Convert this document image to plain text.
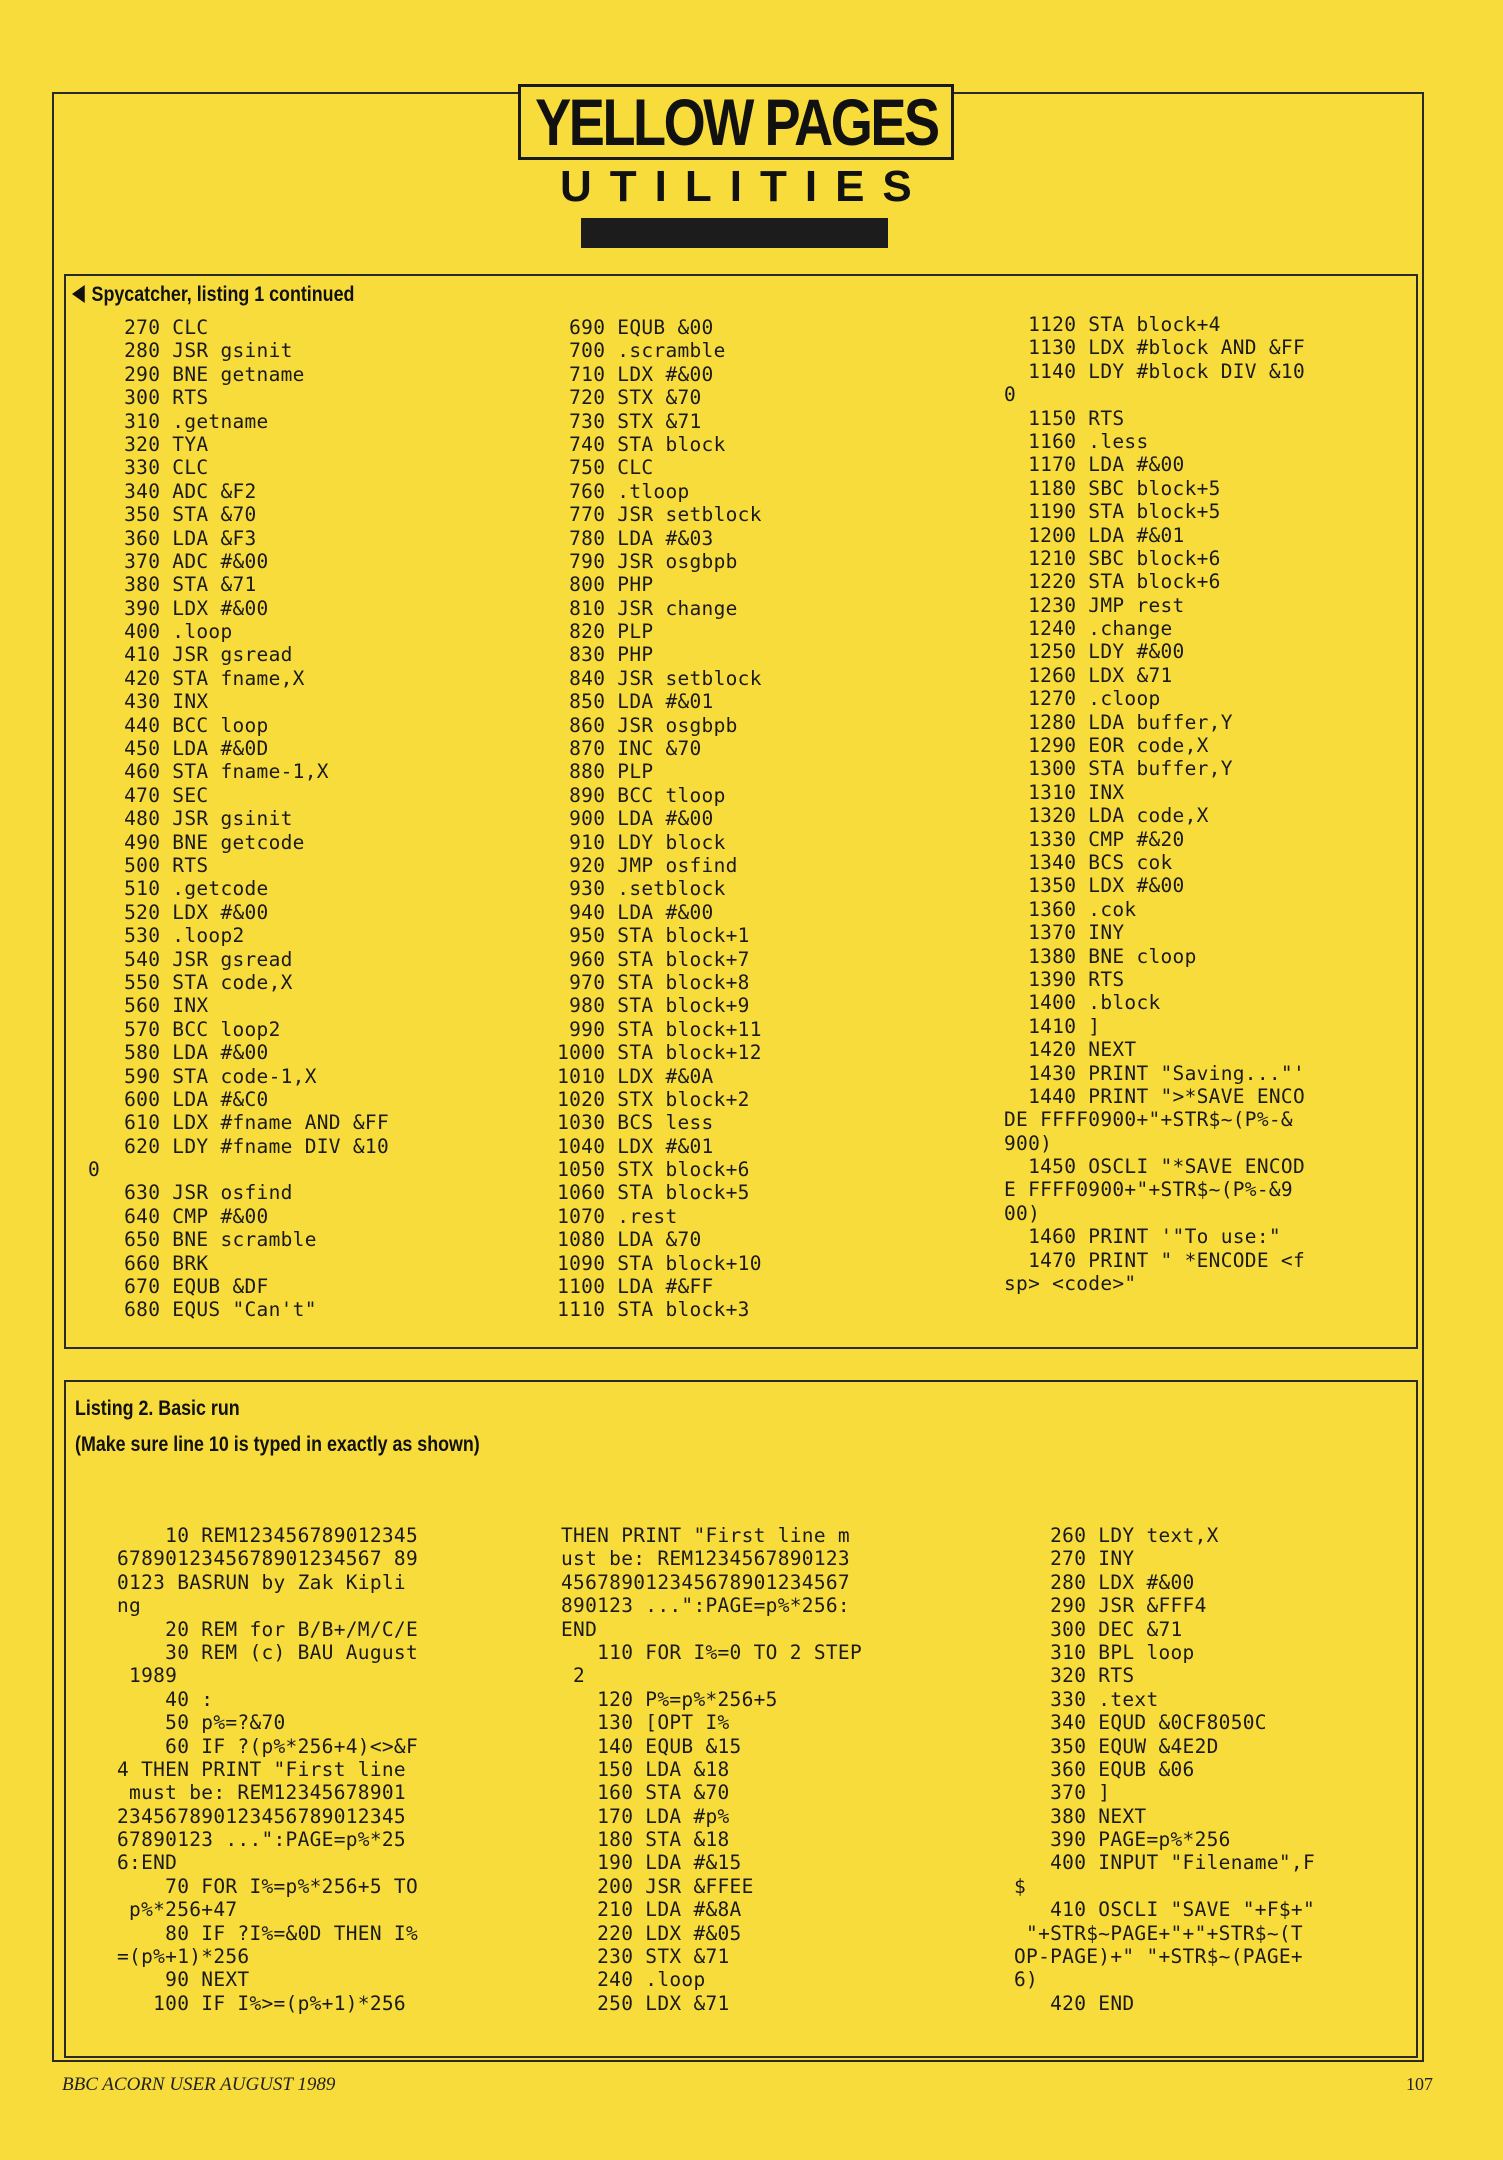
YELLOW PAGES
UTILITIES
Spycatcher, listing 1 continued
270 CLC
280 JSR gsinit
290 BNE getname
300 RTS
310 .getname
320 TYA
330 CLC
340 ADC &F2
350 STA &70
360 LDA &F3
370 ADC #&00
380 STA &71
390 LDX #&00
400 .loop
410 JSR gsread
420 STA fname,X
430 INX
440 BCC loop
450 LDA #&0D
460 STA fname-1,X
470 SEC
480 JSR gsinit
490 BNE getcode
500 RTS
510 .getcode
520 LDX #&00
530 .loop2
540 JSR gsread
550 STA code,X
560 INX
570 BCC loop2
580 LDA #&00
590 STA code-1,X
600 LDA #&C0
610 LDX #fname AND &FF
620 LDY #fname DIV &10
0
630 JSR osfind
640 CMP #&00
650 BNE scramble
660 BRK
670 EQUB &DF
680 EQUS "Can't"
690 EQUB &00
700 .scramble
710 LDX #&00
720 STX &70
730 STX &71
740 STA block
750 CLC
760 .tloop
770 JSR setblock
780 LDA #&03
790 JSR osgbpb
800 PHP
810 JSR change
820 PLP
830 PHP
840 JSR setblock
850 LDA #&01
860 JSR osgbpb
870 INC &70
880 PLP
890 BCC tloop
900 LDA #&00
910 LDY block
920 JMP osfind
930 .setblock
940 LDA #&00
950 STA block+1
960 STA block+7
970 STA block+8
980 STA block+9
990 STA block+11
1000 STA block+12
1010 LDX #&0A
1020 STX block+2
1030 BCS less
1040 LDX #&01
1050 STX block+6
1060 STA block+5
1070 .rest
1080 LDA &70
1090 STA block+10
1100 LDA #&FF
1110 STA block+3
1120 STA block+4
1130 LDX #block AND &FF
1140 LDY #block DIV &10
0
1150 RTS
1160 .less
1170 LDA #&00
1180 SBC block+5
1190 STA block+5
1200 LDA #&01
1210 SBC block+6
1220 STA block+6
1230 JMP rest
1240 .change
1250 LDY #&00
1260 LDX &71
1270 .cloop
1280 LDA buffer,Y
1290 EOR code,X
1300 STA buffer,Y
1310 INX
1320 LDA code,X
1330 CMP #&20
1340 BCS cok
1350 LDX #&00
1360 .cok
1370 INY
1380 BNE cloop
1390 RTS
1400 .block
1410 ]
1420 NEXT
1430 PRINT "Saving..."'
1440 PRINT ">*SAVE ENCO
DE FFFF0900+"+STR$~(P%-&
900)
1450 OSCLI "*SAVE ENCOD
E FFFF0900+"+STR$~(P%-&9
00)
1460 PRINT '"To use:"
1470 PRINT " *ENCODE <f
sp> <code>"
Listing 2. Basic run
(Make sure line 10 is typed in exactly as shown)
10 REM123456789012345
6789012345678901234567 89
0123 BASRUN by Zak Kipli
ng
20 REM for B/B+/M/C/E
30 REM (c) BAU August
1989
40 :
50 p%=?&70
60 IF ?(p%*256+4)<>&F
4 THEN PRINT "First line
must be: REM12345678901
234567890123456789012345
67890123 ...":PAGE=p%*25
6:END
70 FOR I%=p%*256+5 TO
p%*256+47
80 IF ?I%=&0D THEN I%
=(p%+1)*256
90 NEXT
100 IF I%>=(p%+1)*256
THEN PRINT "First line m
ust be: REM1234567890123
456789012345678901234567
890123 ...":PAGE=p%*256:
END
110 FOR I%=0 TO 2 STEP
2
120 P%=p%*256+5
130 [OPT I%
140 EQUB &15
150 LDA &18
160 STA &70
170 LDA #p%
180 STA &18
190 LDA #&15
200 JSR &FFEE
210 LDA #&8A
220 LDX #&05
230 STX &71
240 .loop
250 LDX &71
260 LDY text,X
270 INY
280 LDX #&00
290 JSR &FFF4
300 DEC &71
310 BPL loop
320 RTS
330 .text
340 EQUD &0CF8050C
350 EQUW &4E2D
360 EQUB &06
370 ]
380 NEXT
390 PAGE=p%*256
400 INPUT "Filename",F
$
410 OSCLI "SAVE "+F$+"
"+STR$~PAGE+"+"+STR$~(T
OP-PAGE)+" "+STR$~(PAGE+
6)
420 END
BBC ACORN USER AUGUST 1989	107
